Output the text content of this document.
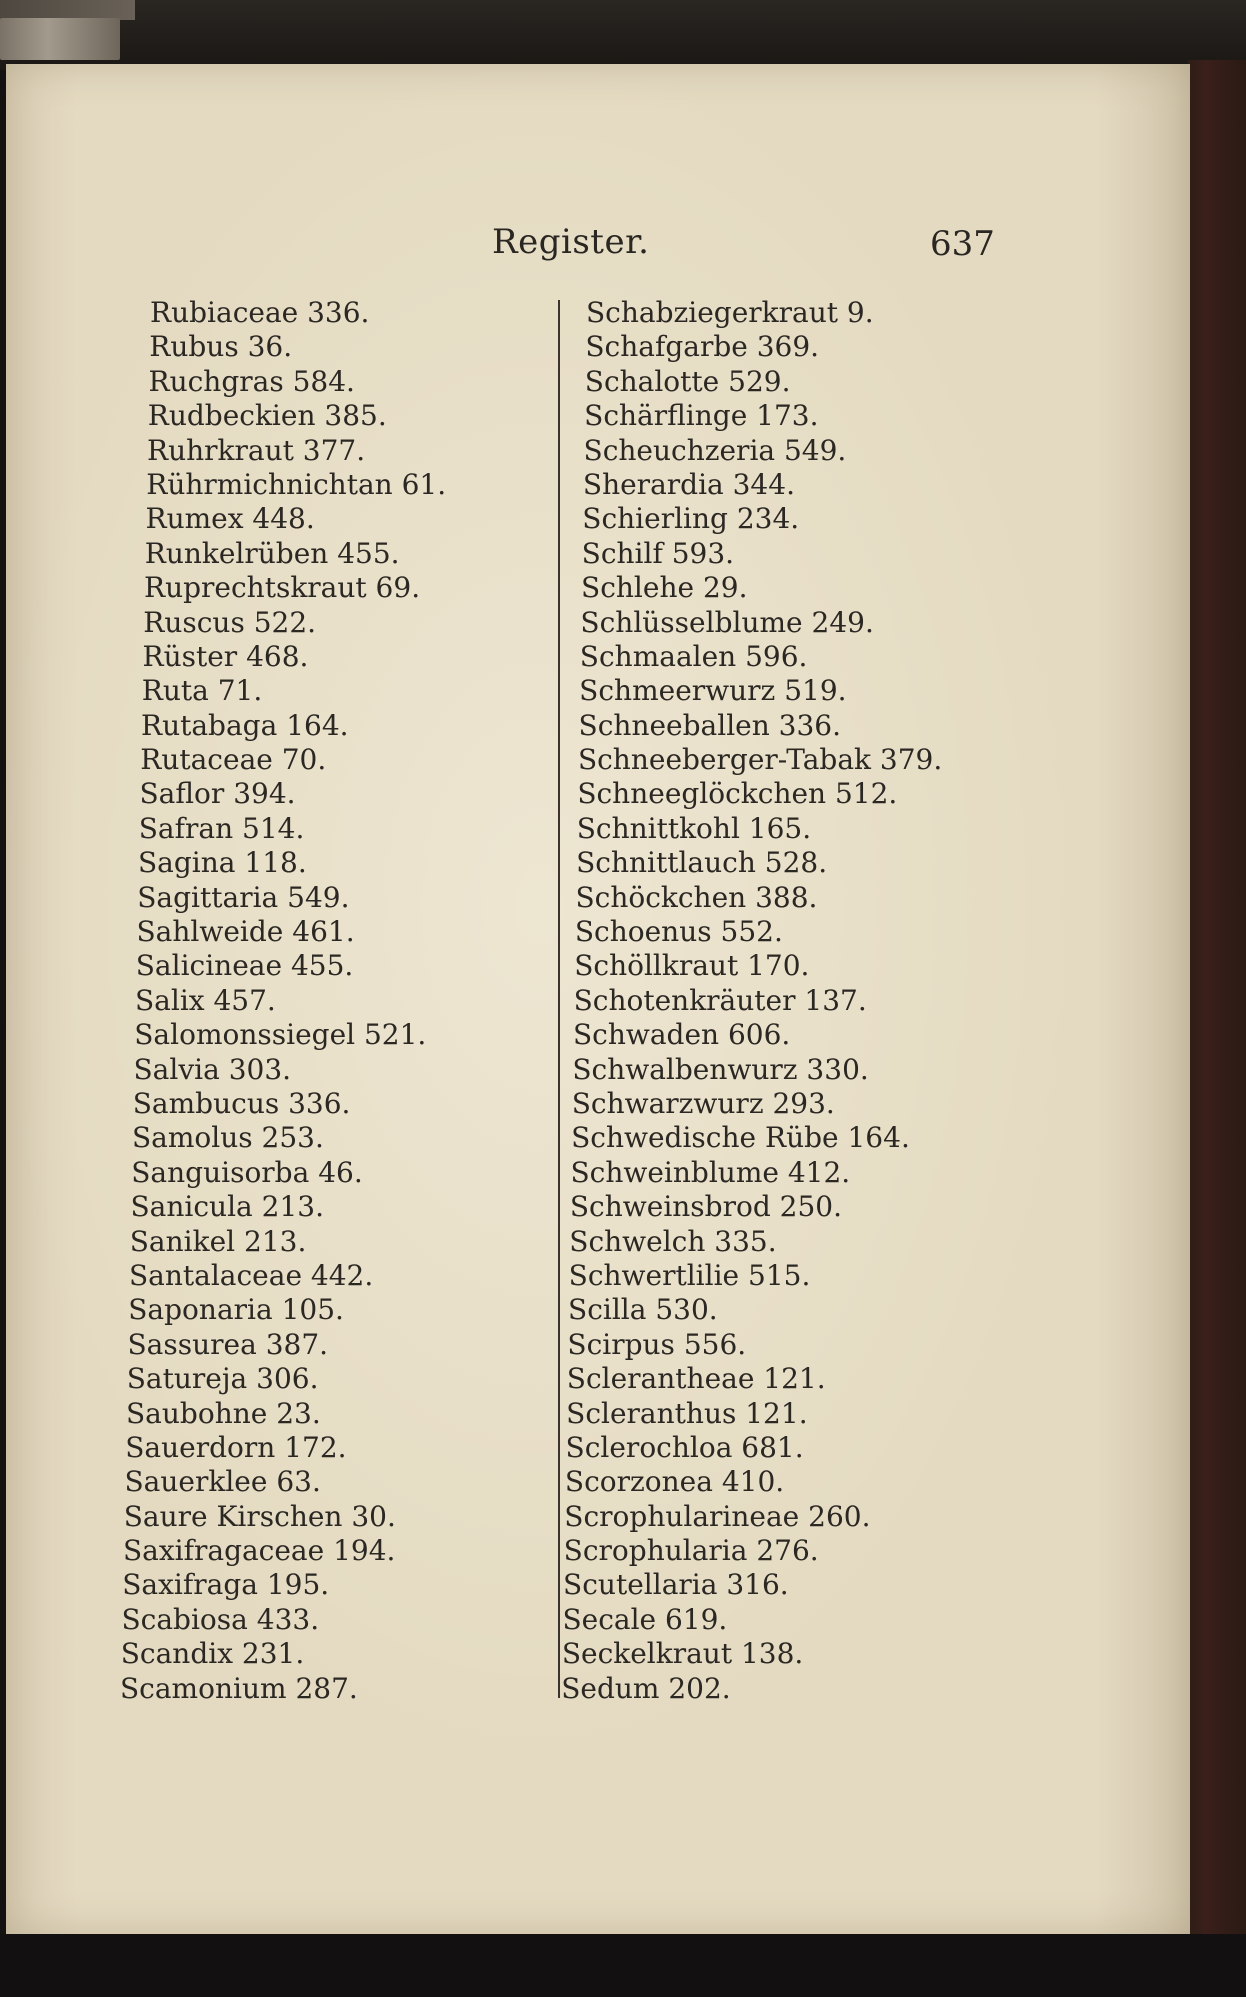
Register.	637
Rubiaceae 336.
Rubus 36.
Ruchgras 584.
Rudbeckien 385.
Ruhrkraut 377.
Rührmichnichtan 61.
Rumex 448.
Runkelrüben 455.
Ruprechtskraut 69.
Ruscus 522.
Rüster 468.
Ruta 71.
Rutabaga 164.
Rutaceae 70.
Saflor 394.
Safran 514.
Sagina 118.
Sagittaria 549.
Sahlweide 461.
Salicineae 455.
Salix 457.
Salomonssiegel 521.
Salvia 303.
Sambucus 336.
Samolus 253.
Sanguisorba 46.
Sanicula 213.
Sanikel 213.
Santalaceae 442.
Saponaria 105.
Sassurea 387.
Satureja 306.
Saubohne 23.
Sauerdorn 172.
Sauerklee 63.
Saure Kirschen 30.
Saxifragaceae 194.
Saxifraga 195.
Scabiosa 433.
Scandix 231.
Scamonium 287.
Schabziegerkraut 9.
Schafgarbe 369.
Schalotte 529.
Schärflinge 173.
Scheuchzeria 549.
Sherardia 344.
Schierling 234.
Schilf 593.
Schlehe 29.
Schlüsselblume 249.
Schmaalen 596.
Schmeerwurz 519.
Schneeballen 336.
Schneeberger-Tabak 379.
Schneeglöckchen 512.
Schnittkohl 165.
Schnittlauch 528.
Schöckchen 388.
Schoenus 552.
Schöllkraut 170.
Schotenkräuter 137.
Schwaden 606.
Schwalbenwurz 330.
Schwarzwurz 293.
Schwedische Rübe 164.
Schweinblume 412.
Schweinsbrod 250.
Schwelch 335.
Schwertlilie 515.
Scilla 530.
Scirpus 556.
Sclerantheae 121.
Scleranthus 121.
Sclerochloa 681.
Scorzonea 410.
Scrophularineae 260.
Scrophularia 276.
Scutellaria 316.
Secale 619.
Seckelkraut 138.
Sedum 202.
